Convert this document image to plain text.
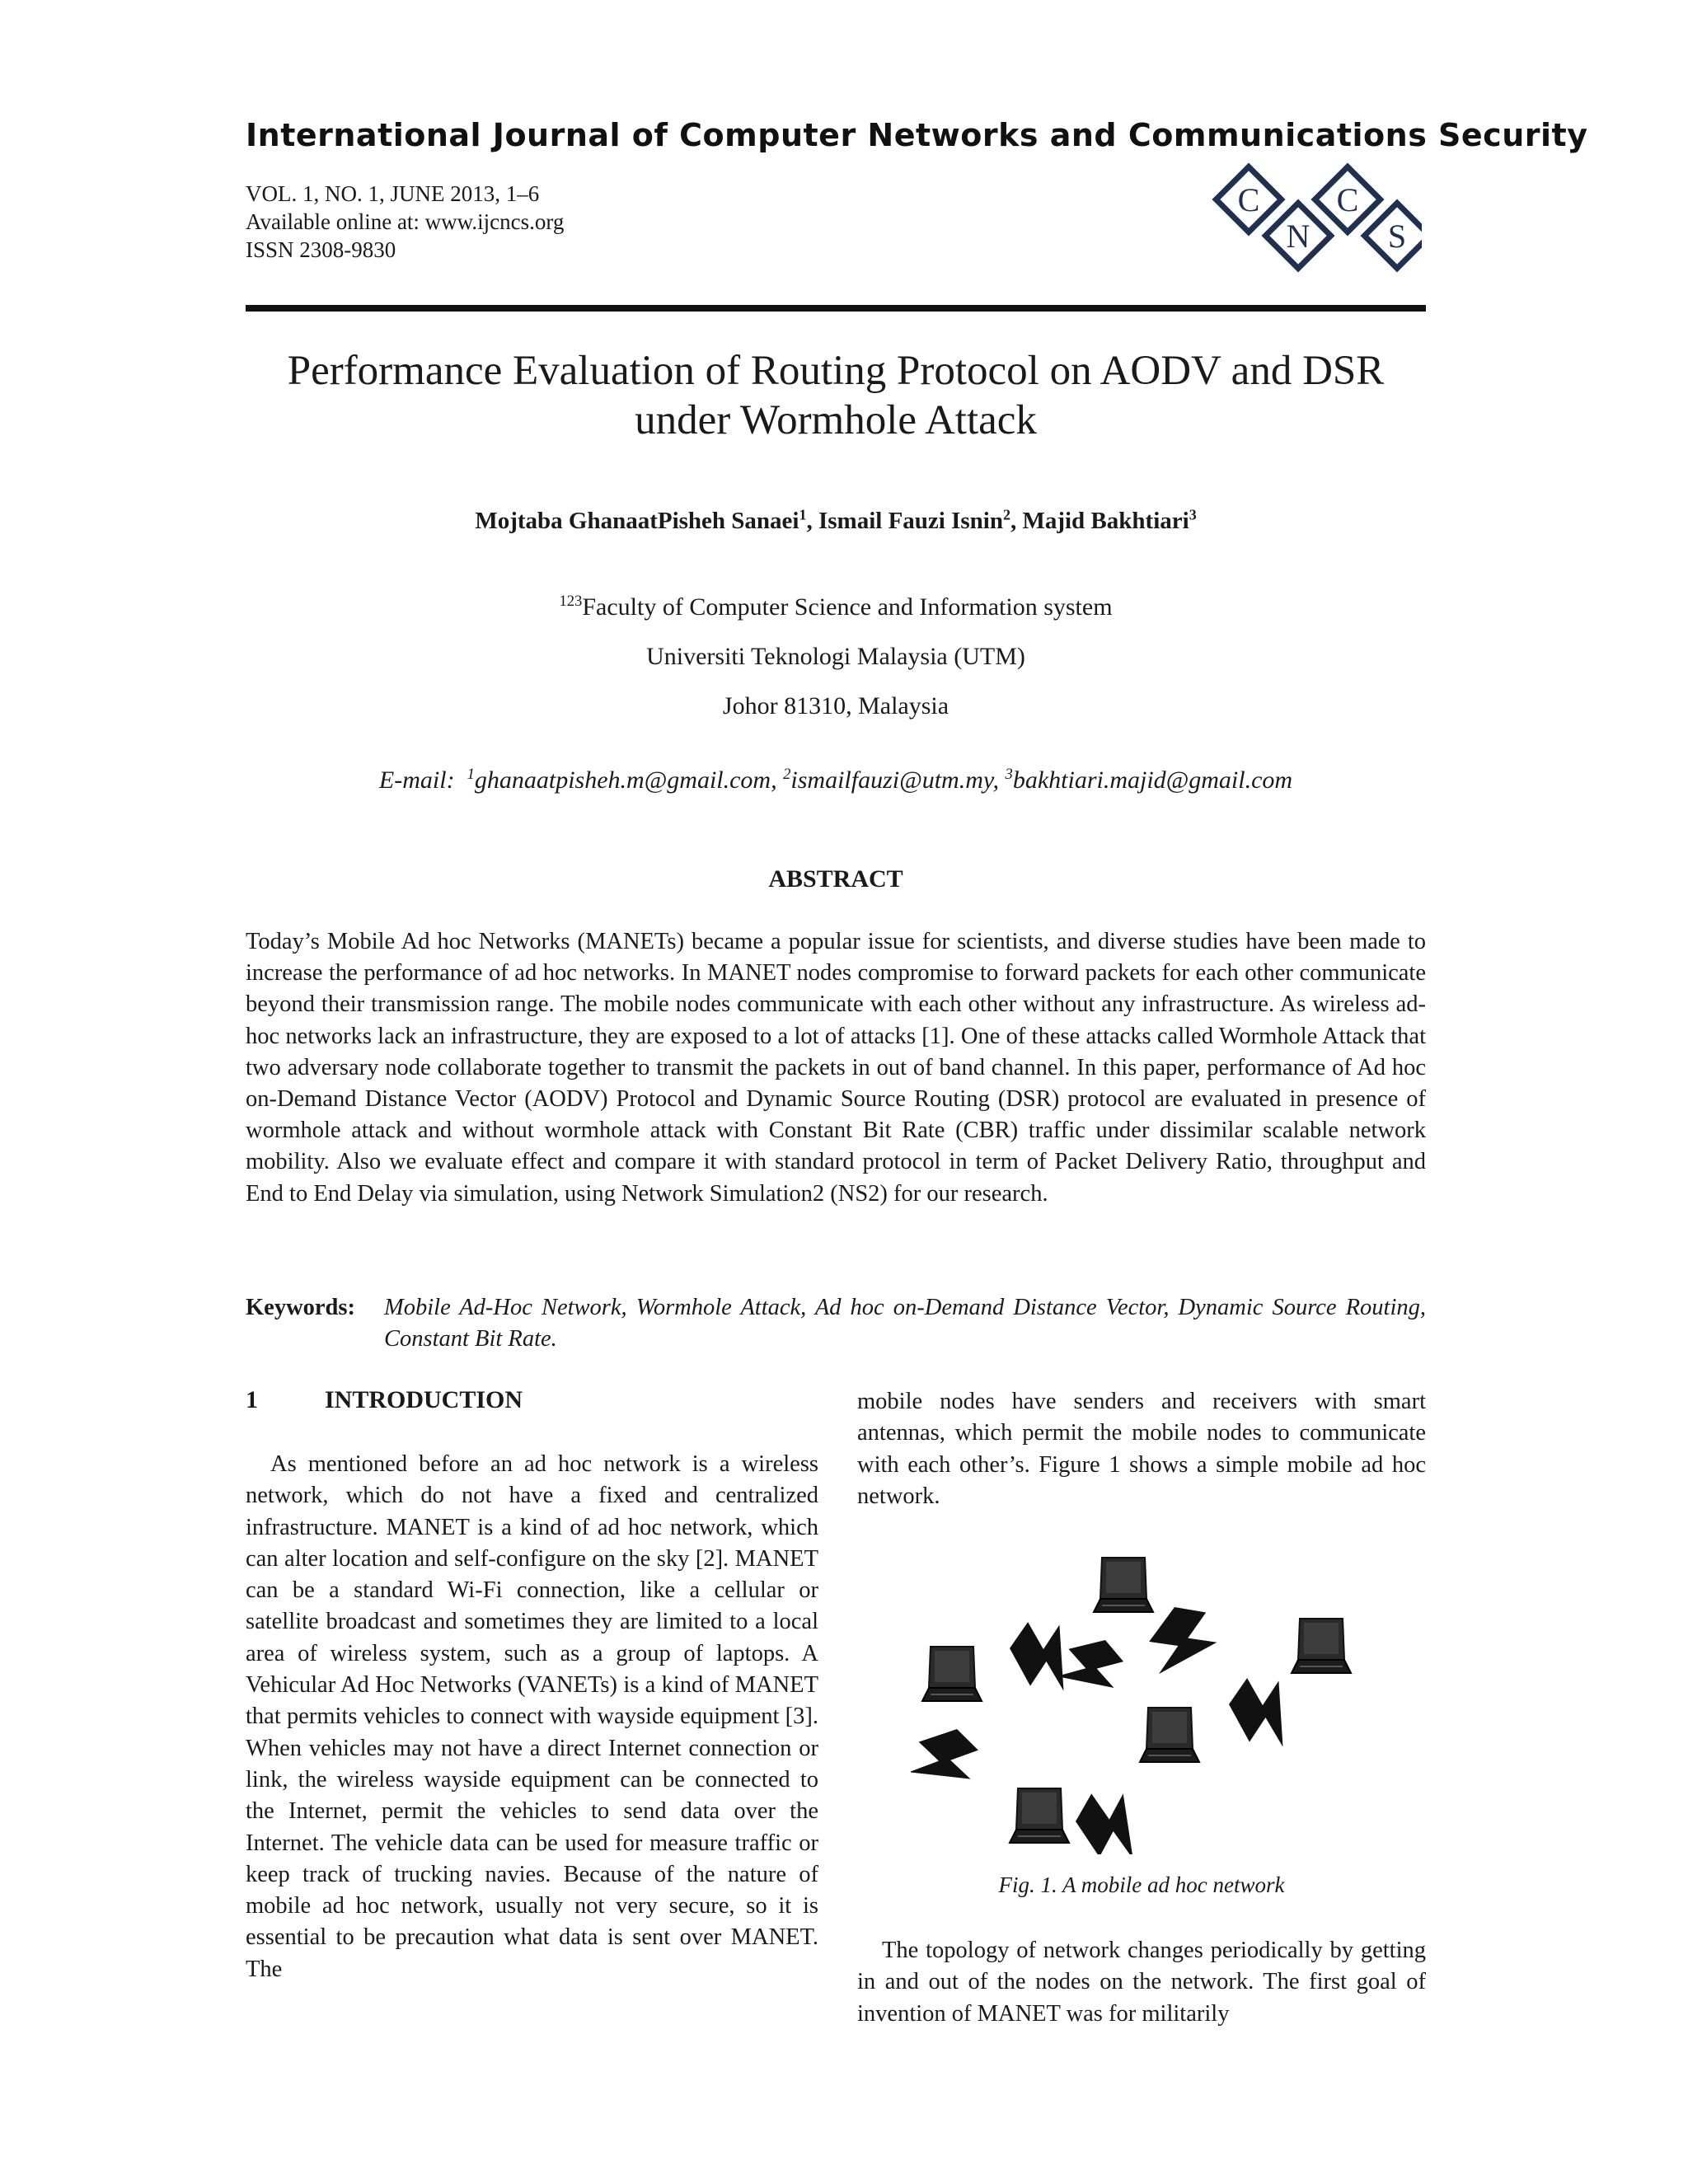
International Journal of Computer Networks and Communications Security
VOL. 1, NO. 1, JUNE 2013, 1–6
Available online at: www.ijcncs.org
ISSN 2308-9830
C
N
C
S
Performance Evaluation of Routing Protocol on AODV and DSR
under Wormhole Attack
Mojtaba GhanaatPisheh Sanaei$^1$, Ismail Fauzi Isnin$^2$, Majid Bakhtiari$^3$
$^{123}$Faculty of Computer Science and Information system
Universiti Teknologi Malaysia (UTM)
Johor 81310, Malaysia
E-mail:  $^1$ghanaatpisheh.m@gmail.com, $^2$ismailfauzi@utm.my, $^3$bakhtiari.majid@gmail.com
ABSTRACT
Today’s Mobile Ad hoc Networks (MANETs) became a popular issue for scientists, and diverse studies have been made to increase the performance of ad hoc networks. In MANET nodes compromise to forward packets for each other communicate beyond their transmission range. The mobile nodes communicate with each other without any infrastructure. As wireless ad-hoc networks lack an infrastructure, they are exposed to a lot of attacks [1]. One of these attacks called Wormhole Attack that two adversary node collaborate together to transmit the packets in out of band channel. In this paper, performance of Ad hoc on-Demand Distance Vector (AODV) Protocol and Dynamic Source Routing (DSR) protocol are evaluated in presence of wormhole attack and without wormhole attack with Constant Bit Rate (CBR) traffic under dissimilar scalable network mobility. Also we evaluate effect and compare it with standard protocol in term of Packet Delivery Ratio, throughput and End to End Delay via simulation, using Network Simulation2 (NS2) for our research.
Keywords: Mobile Ad-Hoc Network, Wormhole Attack, Ad hoc on-Demand Distance Vector, Dynamic Source Routing, Constant Bit Rate.
1	INTRODUCTION

As mentioned before an ad hoc network is a wireless network, which do not have a fixed and centralized infrastructure. MANET is a kind of ad hoc network, which can alter location and self-configure on the sky [2]. MANET can be a standard Wi-Fi connection, like a cellular or satellite broadcast and sometimes they are limited to a local area of wireless system, such as a group of laptops. A Vehicular Ad Hoc Networks (VANETs) is a kind of MANET that permits vehicles to connect with wayside equipment [3]. When vehicles may not have a direct Internet connection or link, the wireless wayside equipment can be connected to the Internet, permit the vehicles to send data over the Internet. The vehicle data can be used for measure traffic or keep track of trucking navies. Because of the nature of mobile ad hoc network, usually not very secure, so it is essential to be precaution what data is sent over MANET. The

mobile nodes have senders and receivers with smart antennas, which permit the mobile nodes to communicate with each other’s. Figure 1 shows a simple mobile ad hoc network.

Fig. 1. A mobile ad hoc network

The topology of network changes periodically by getting in and out of the nodes on the network. The first goal of invention of MANET was for militarily
